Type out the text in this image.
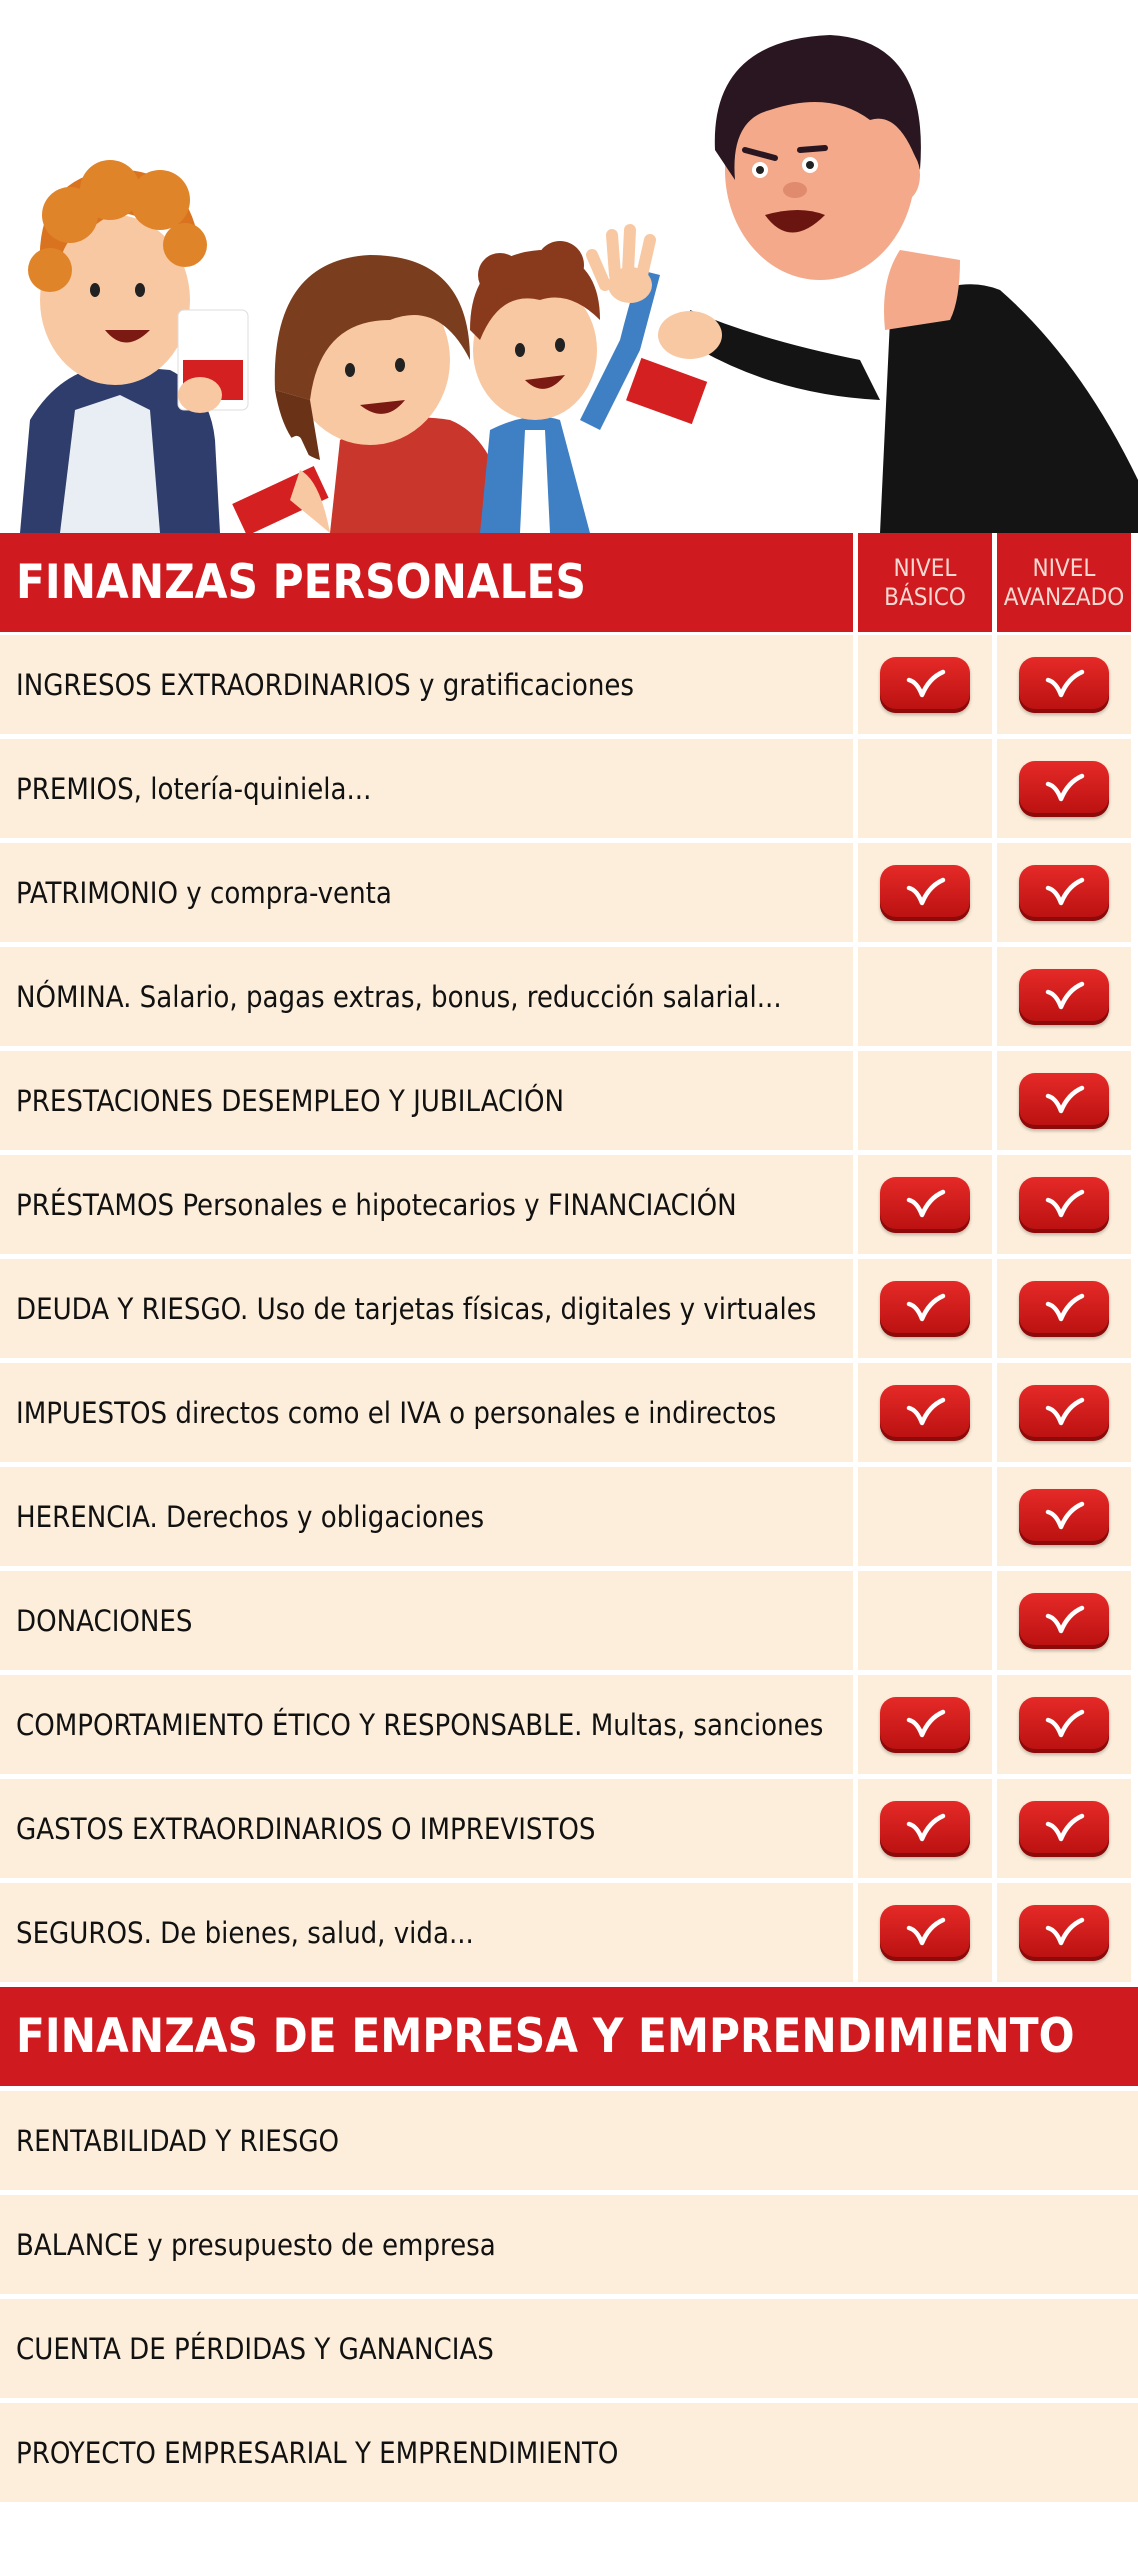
FINANZAS PERSONALES	NIVEL
BÁSICO
NIVEL
AVANZADO
INGRESOS EXTRAORDINARIOS y gratificaciones
PREMIOS, lotería-quiniela...
PATRIMONIO y compra-venta
NÓMINA. Salario, pagas extras, bonus, reducción salarial...
PRESTACIONES DESEMPLEO Y JUBILACIÓN
PRÉSTAMOS Personales e hipotecarios y FINANCIACIÓN
DEUDA Y RIESGO. Uso de tarjetas físicas, digitales y virtuales
IMPUESTOS directos como el IVA o personales e indirectos
HERENCIA. Derechos y obligaciones
DONACIONES
COMPORTAMIENTO ÉTICO Y RESPONSABLE. Multas, sanciones
GASTOS EXTRAORDINARIOS O IMPREVISTOS
SEGUROS. De bienes, salud, vida...
FINANZAS DE EMPRESA Y EMPRENDIMIENTO
RENTABILIDAD Y RIESGO
BALANCE y presupuesto de empresa
CUENTA DE PÉRDIDAS Y GANANCIAS
PROYECTO EMPRESARIAL Y EMPRENDIMIENTO
